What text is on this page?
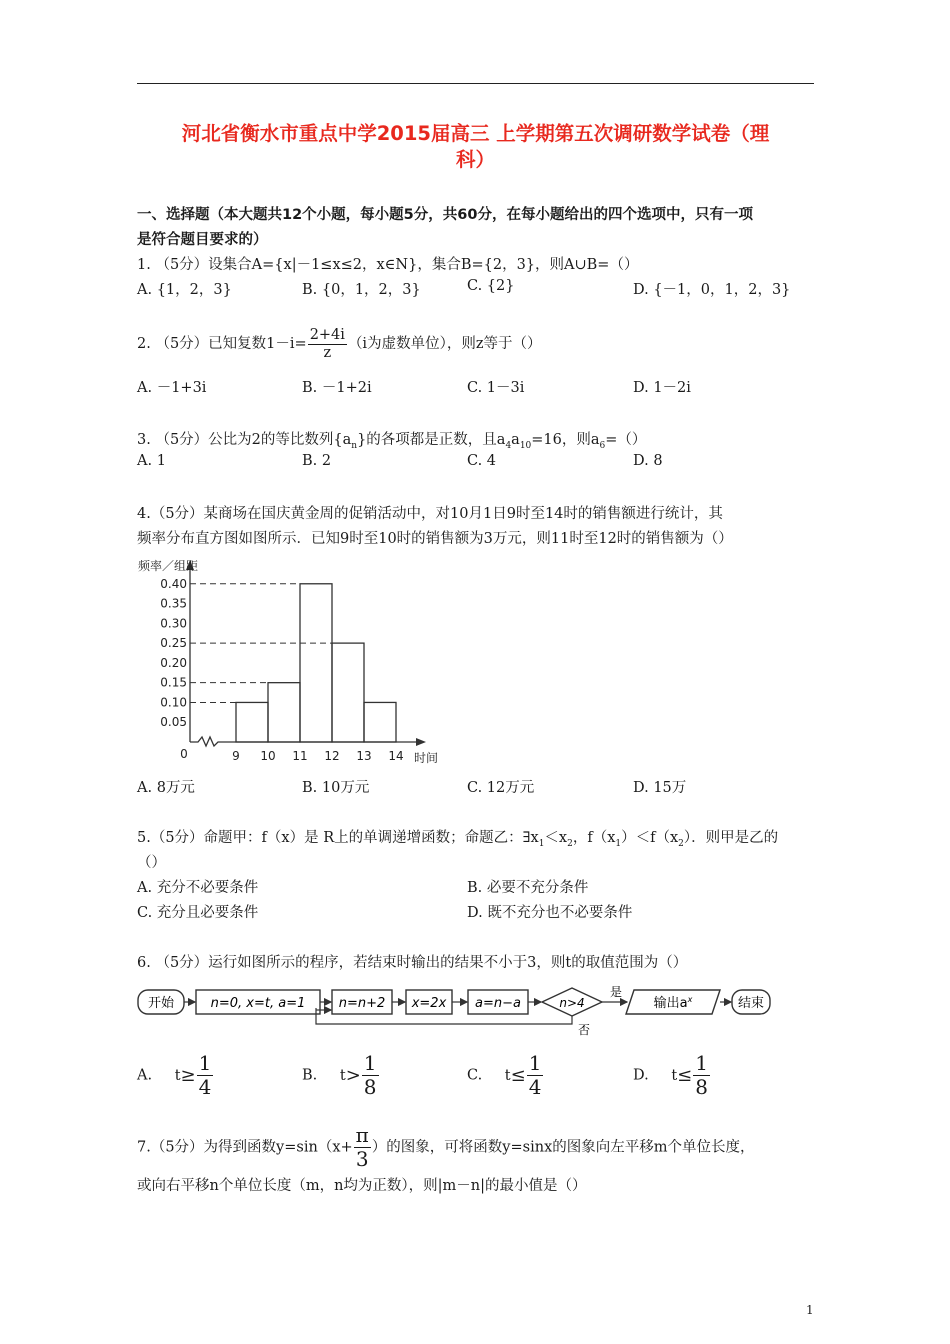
河北省衡水市重点中学2015届高三 上学期第五次调研数学试卷（理
科）
一、选择题（本大题共12个小题，每小题5分，共60分，在每小题给出的四个选项中，只有一项
是符合题目要求的）
1. （5分）设集合A={x|－1≤x≤2，x∈N}，集合B={2，3}，则A∪B=（）
A. {1，2，3}	B. {0，1，2，3}	C. {2}	D. {－1，0，1，2，3}
2. （5分）已知复数$1-i= \frac{2+4i}{z} (i$为虚数单位），则z等于（）
A. －1+3i	B. －1+2i	C. 1－3i	D. 1－2i
3. （5分）公比为2的等比数列$\{a_n\}$的各项都是正数，且$a_4a_{10}=16$，则$a_6=()$
A. 1	B. 2	C. 4	D. 8
4.（5分）某商场在国庆黄金周的促销活动中，对10月1日9时至14时的销售额进行统计，其
频率分布直方图如图所示．已知9时至10时的销售额为3万元，则11时至12时的销售额为（）
0.05
0.10
0.15
0.20
0.25
0.30
0.35
0.40
9 10 11 12 13 14
0
频率／组距
时间
A. 8万元	B. 10万元	C. 12万元	D. 15万
5.（5分）命题甲：f（x）是 R上的单调递增函数；命题乙：$\exists x_1<x_2$，$f(x_1)<f(x_2)$．则甲是乙的
（）
A. 充分不必要条件	B. 必要不充分条件
C. 充分且必要条件	D. 既不充分也不必要条件
6. （5分）运行如图所示的程序，若结束时输出的结果不小于3，则t的取值范围为（）
开始	n=0, x=t, a=1	n=n+2 x=2x a=n−a	n>4
是
输出$a^x$	结束
否
A. $t\ge \frac{1}{4}$	B. $t> \frac{1}{8}$	C. $t\le \frac{1}{4}$	D. $t\le \frac{1}{8}$
7.（5分）为得到函数$y=\sin(x+ \frac{\pi}{3}$ ）的图象，可将函数y=sinx的图象向左平移m个单位长度，
或向右平移n个单位长度（m，n均为正数），则|m－n|的最小值是（）
1
